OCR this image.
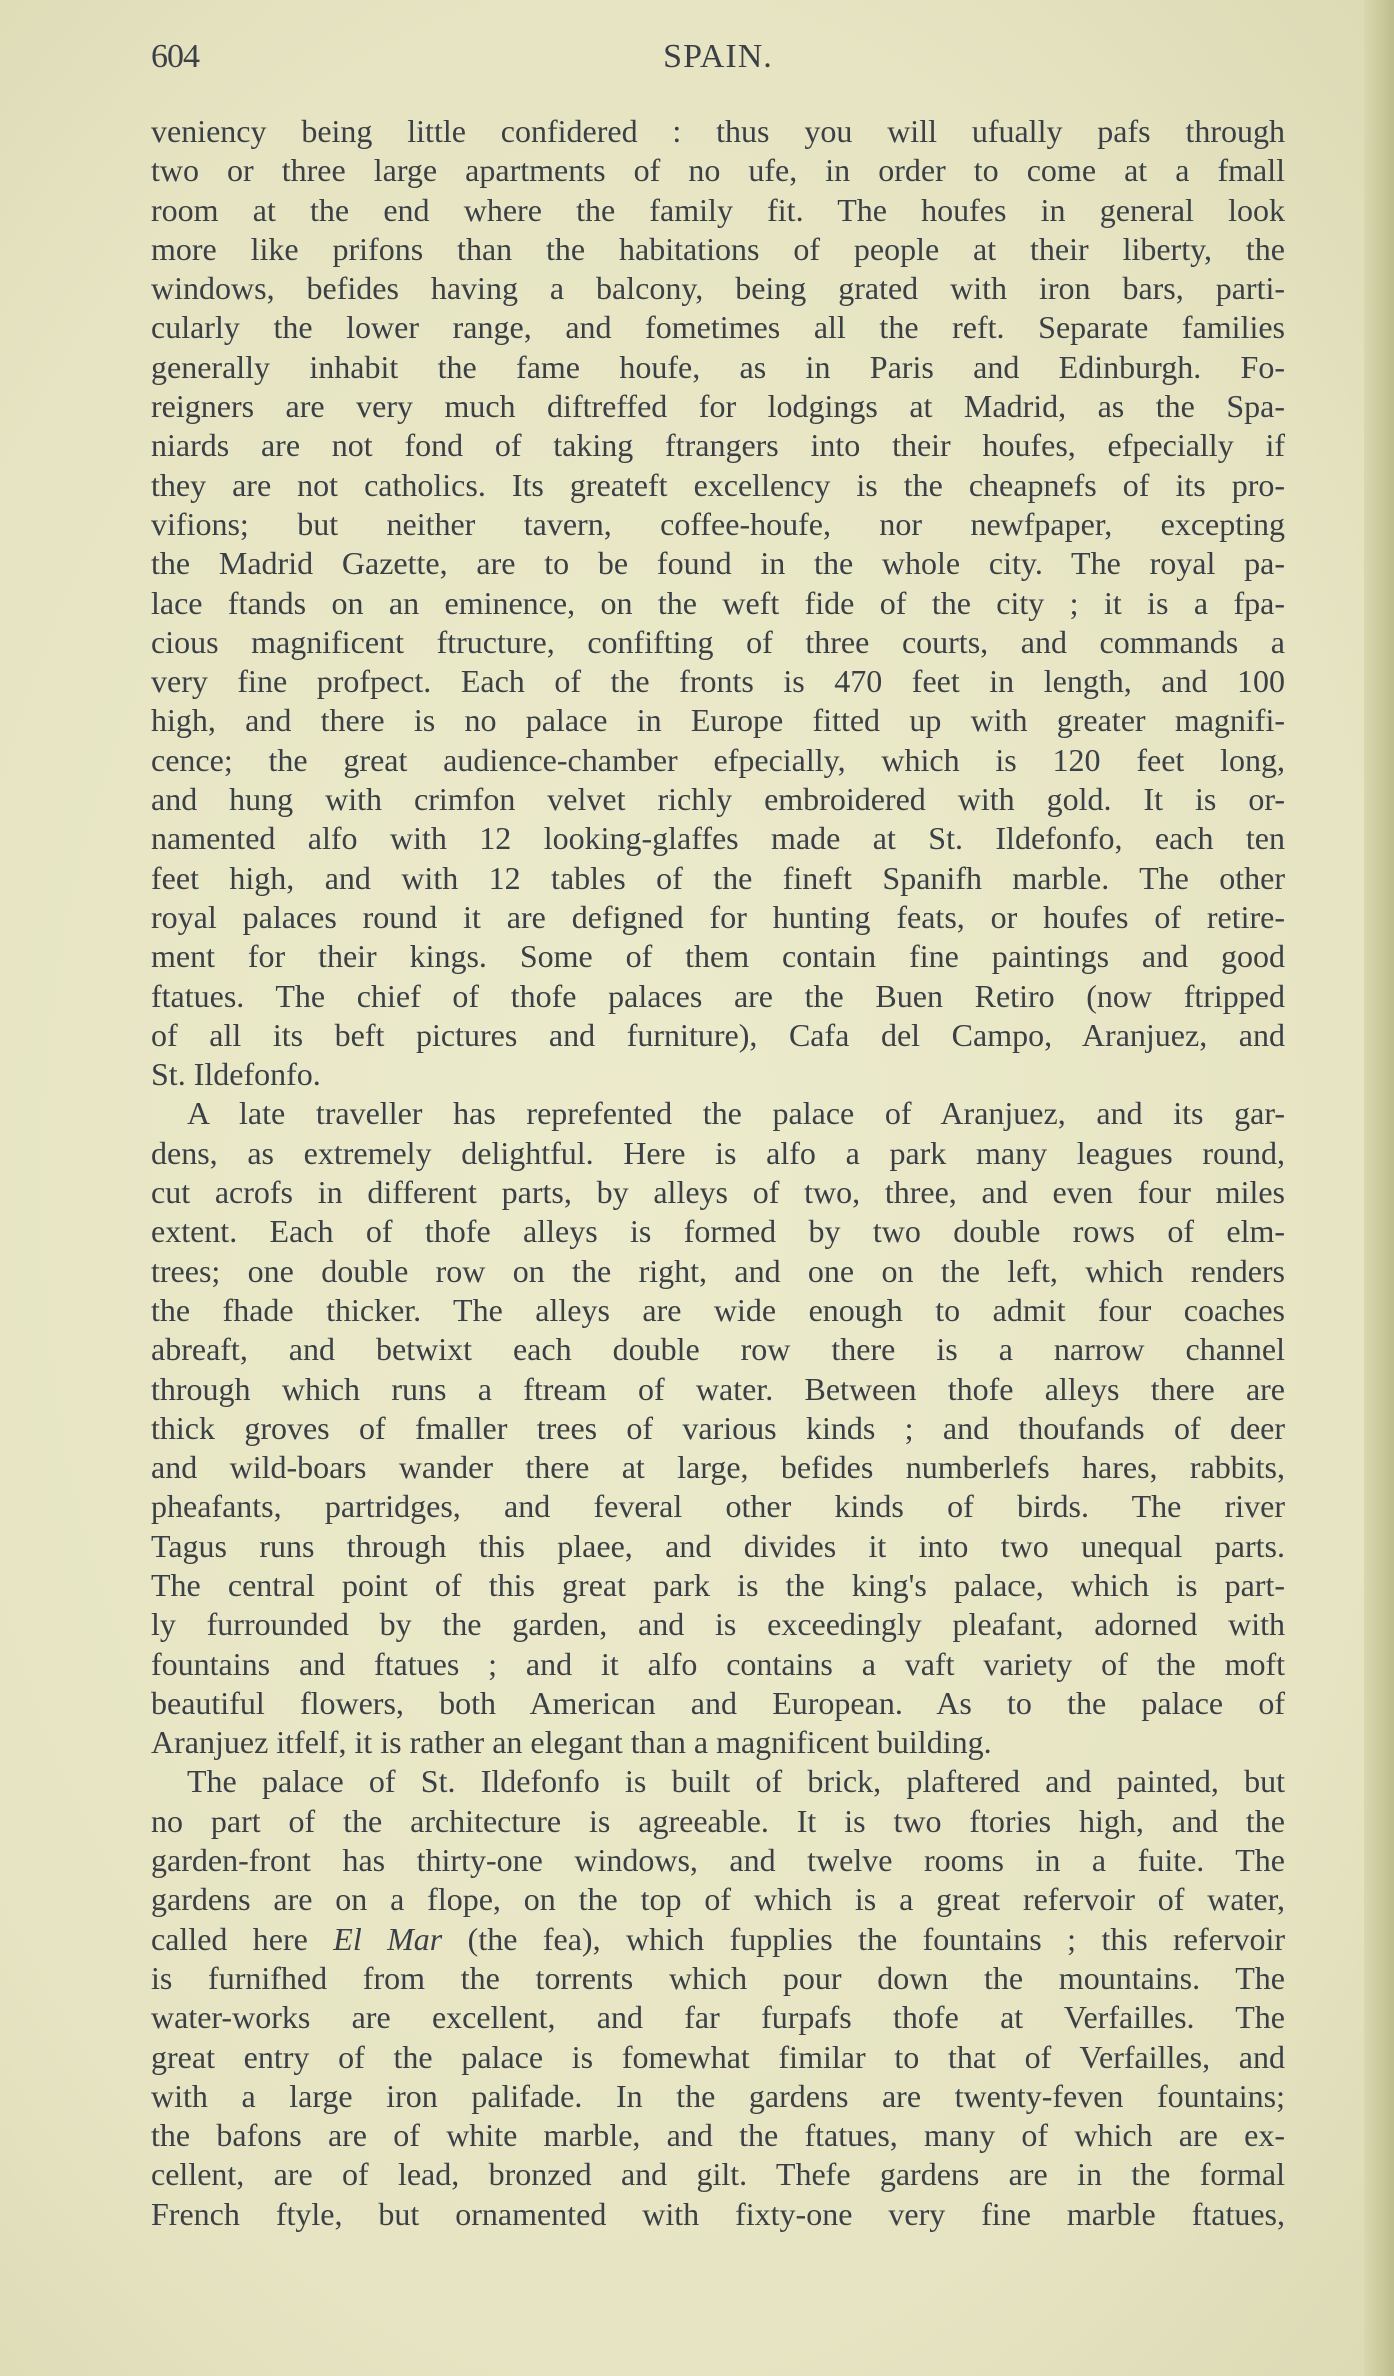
604	SPAIN.
veniency being little confidered : thus you will ufually pafs through
two or three large apartments of no ufe, in order to come at a fmall
room at the end where the family fit. The houfes in general look
more like prifons than the habitations of people at their liberty, the
windows, befides having a balcony, being grated with iron bars, parti-
cularly the lower range, and fometimes all the reft. Separate families
generally inhabit the fame houfe, as in Paris and Edinburgh. Fo-
reigners are very much diftreffed for lodgings at Madrid, as the Spa-
niards are not fond of taking ftrangers into their houfes, efpecially if
they are not catholics. Its greateft excellency is the cheapnefs of its pro-
vifions; but neither tavern, coffee-houfe, nor newfpaper, excepting
the Madrid Gazette, are to be found in the whole city. The royal pa-
lace ftands on an eminence, on the weft fide of the city ; it is a fpa-
cious magnificent ftructure, confifting of three courts, and commands a
very fine profpect. Each of the fronts is 470 feet in length, and 100
high, and there is no palace in Europe fitted up with greater magnifi-
cence; the great audience-chamber efpecially, which is 120 feet long,
and hung with crimfon velvet richly embroidered with gold. It is or-
namented alfo with 12 looking-glaffes made at St. Ildefonfo, each ten
feet high, and with 12 tables of the fineft Spanifh marble. The other
royal palaces round it are defigned for hunting feats, or houfes of retire-
ment for their kings. Some of them contain fine paintings and good
ftatues. The chief of thofe palaces are the Buen Retiro (now ftripped
of all its beft pictures and furniture), Cafa del Campo, Aranjuez, and
St. Ildefonfo.
A late traveller has reprefented the palace of Aranjuez, and its gar-
dens, as extremely delightful. Here is alfo a park many leagues round,
cut acrofs in different parts, by alleys of two, three, and even four miles
extent. Each of thofe alleys is formed by two double rows of elm-
trees; one double row on the right, and one on the left, which renders
the fhade thicker. The alleys are wide enough to admit four coaches
abreaft, and betwixt each double row there is a narrow channel
through which runs a ftream of water. Between thofe alleys there are
thick groves of fmaller trees of various kinds ; and thoufands of deer
and wild-boars wander there at large, befides numberlefs hares, rabbits,
pheafants, partridges, and feveral other kinds of birds. The river
Tagus runs through this plaee, and divides it into two unequal parts.
The central point of this great park is the king's palace, which is part-
ly furrounded by the garden, and is exceedingly pleafant, adorned with
fountains and ftatues ; and it alfo contains a vaft variety of the moft
beautiful flowers, both American and European. As to the palace of
Aranjuez itfelf, it is rather an elegant than a magnificent building.
The palace of St. Ildefonfo is built of brick, plaftered and painted, but
no part of the architecture is agreeable. It is two ftories high, and the
garden-front has thirty-one windows, and twelve rooms in a fuite. The
gardens are on a flope, on the top of which is a great refervoir of water,
called here El Mar (the fea), which fupplies the fountains ; this refervoir
is furnifhed from the torrents which pour down the mountains. The
water-works are excellent, and far furpafs thofe at Verfailles. The
great entry of the palace is fomewhat fimilar to that of Verfailles, and
with a large iron palifade. In the gardens are twenty-feven fountains;
the bafons are of white marble, and the ftatues, many of which are ex-
cellent, are of lead, bronzed and gilt. Thefe gardens are in the formal
French ftyle, but ornamented with fixty-one very fine marble ftatues,
